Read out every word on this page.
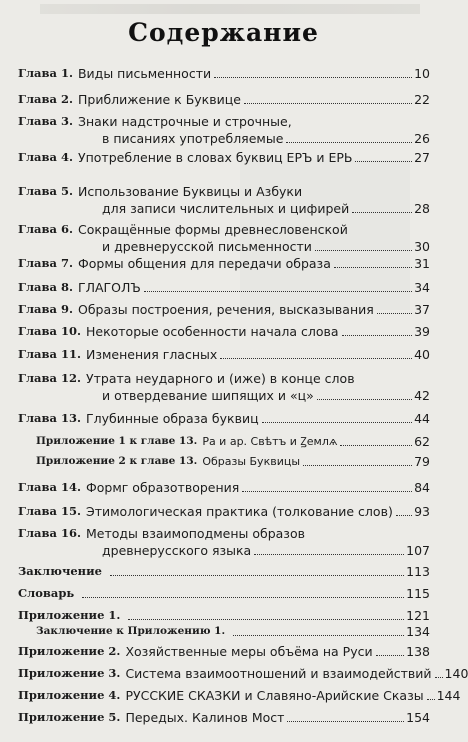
Содержание
Глава 1. Виды письменности	10
Глава 2. Приближение к Буквице	22
Глава 3. Знаки надстрочные и строчные,
в писаниях употребляемые	26
Глава 4. Употребление в словах буквиц ЕРЪ и ЕРЬ	27
Глава 5. Использование Буквицы и Азбуки
для записи числительных и цифирей	28
Глава 6. Сокращённые формы древнесловенской
и древнерусской письменности	30
Глава 7. Формы общения для передачи образа	31
Глава 8. ГЛАГОЛЪ	34
Глава 9. Образы построения, речения, высказывания	37
Глава 10. Некоторые особенности начала слова	39
Глава 11. Изменения гласных	40
Глава 12. Утрата неударного и (иже) в конце слов
и отвердевание шипящих и «ц»	42
Глава 13. Глубинные образа буквиц	44
Приложение 1 к главе 13. Ра и ар. Свѣтъ и Ꙁемлѧ	62
Приложение 2 к главе 13. Образы Буквицы	79
Глава 14. Формг образотворения	84
Глава 15. Этимологическая практика (толкование слов) 93
Глава 16. Методы взаимоподмены образов
древнерусского языка	107
Заключение	113
Словарь	115
Приложение 1.	121
Заключение к Приложению 1.	134
Приложение 2. Хозяйственные меры объёма на Руси	138
Приложение 3. Система взаимоотношений и взаимодействий 140
Приложение 4. РУССКИЕ СКАЗКИ и Славяно-Арийские Сказы 144
Приложение 5. Передых. Калинов Мост	154
